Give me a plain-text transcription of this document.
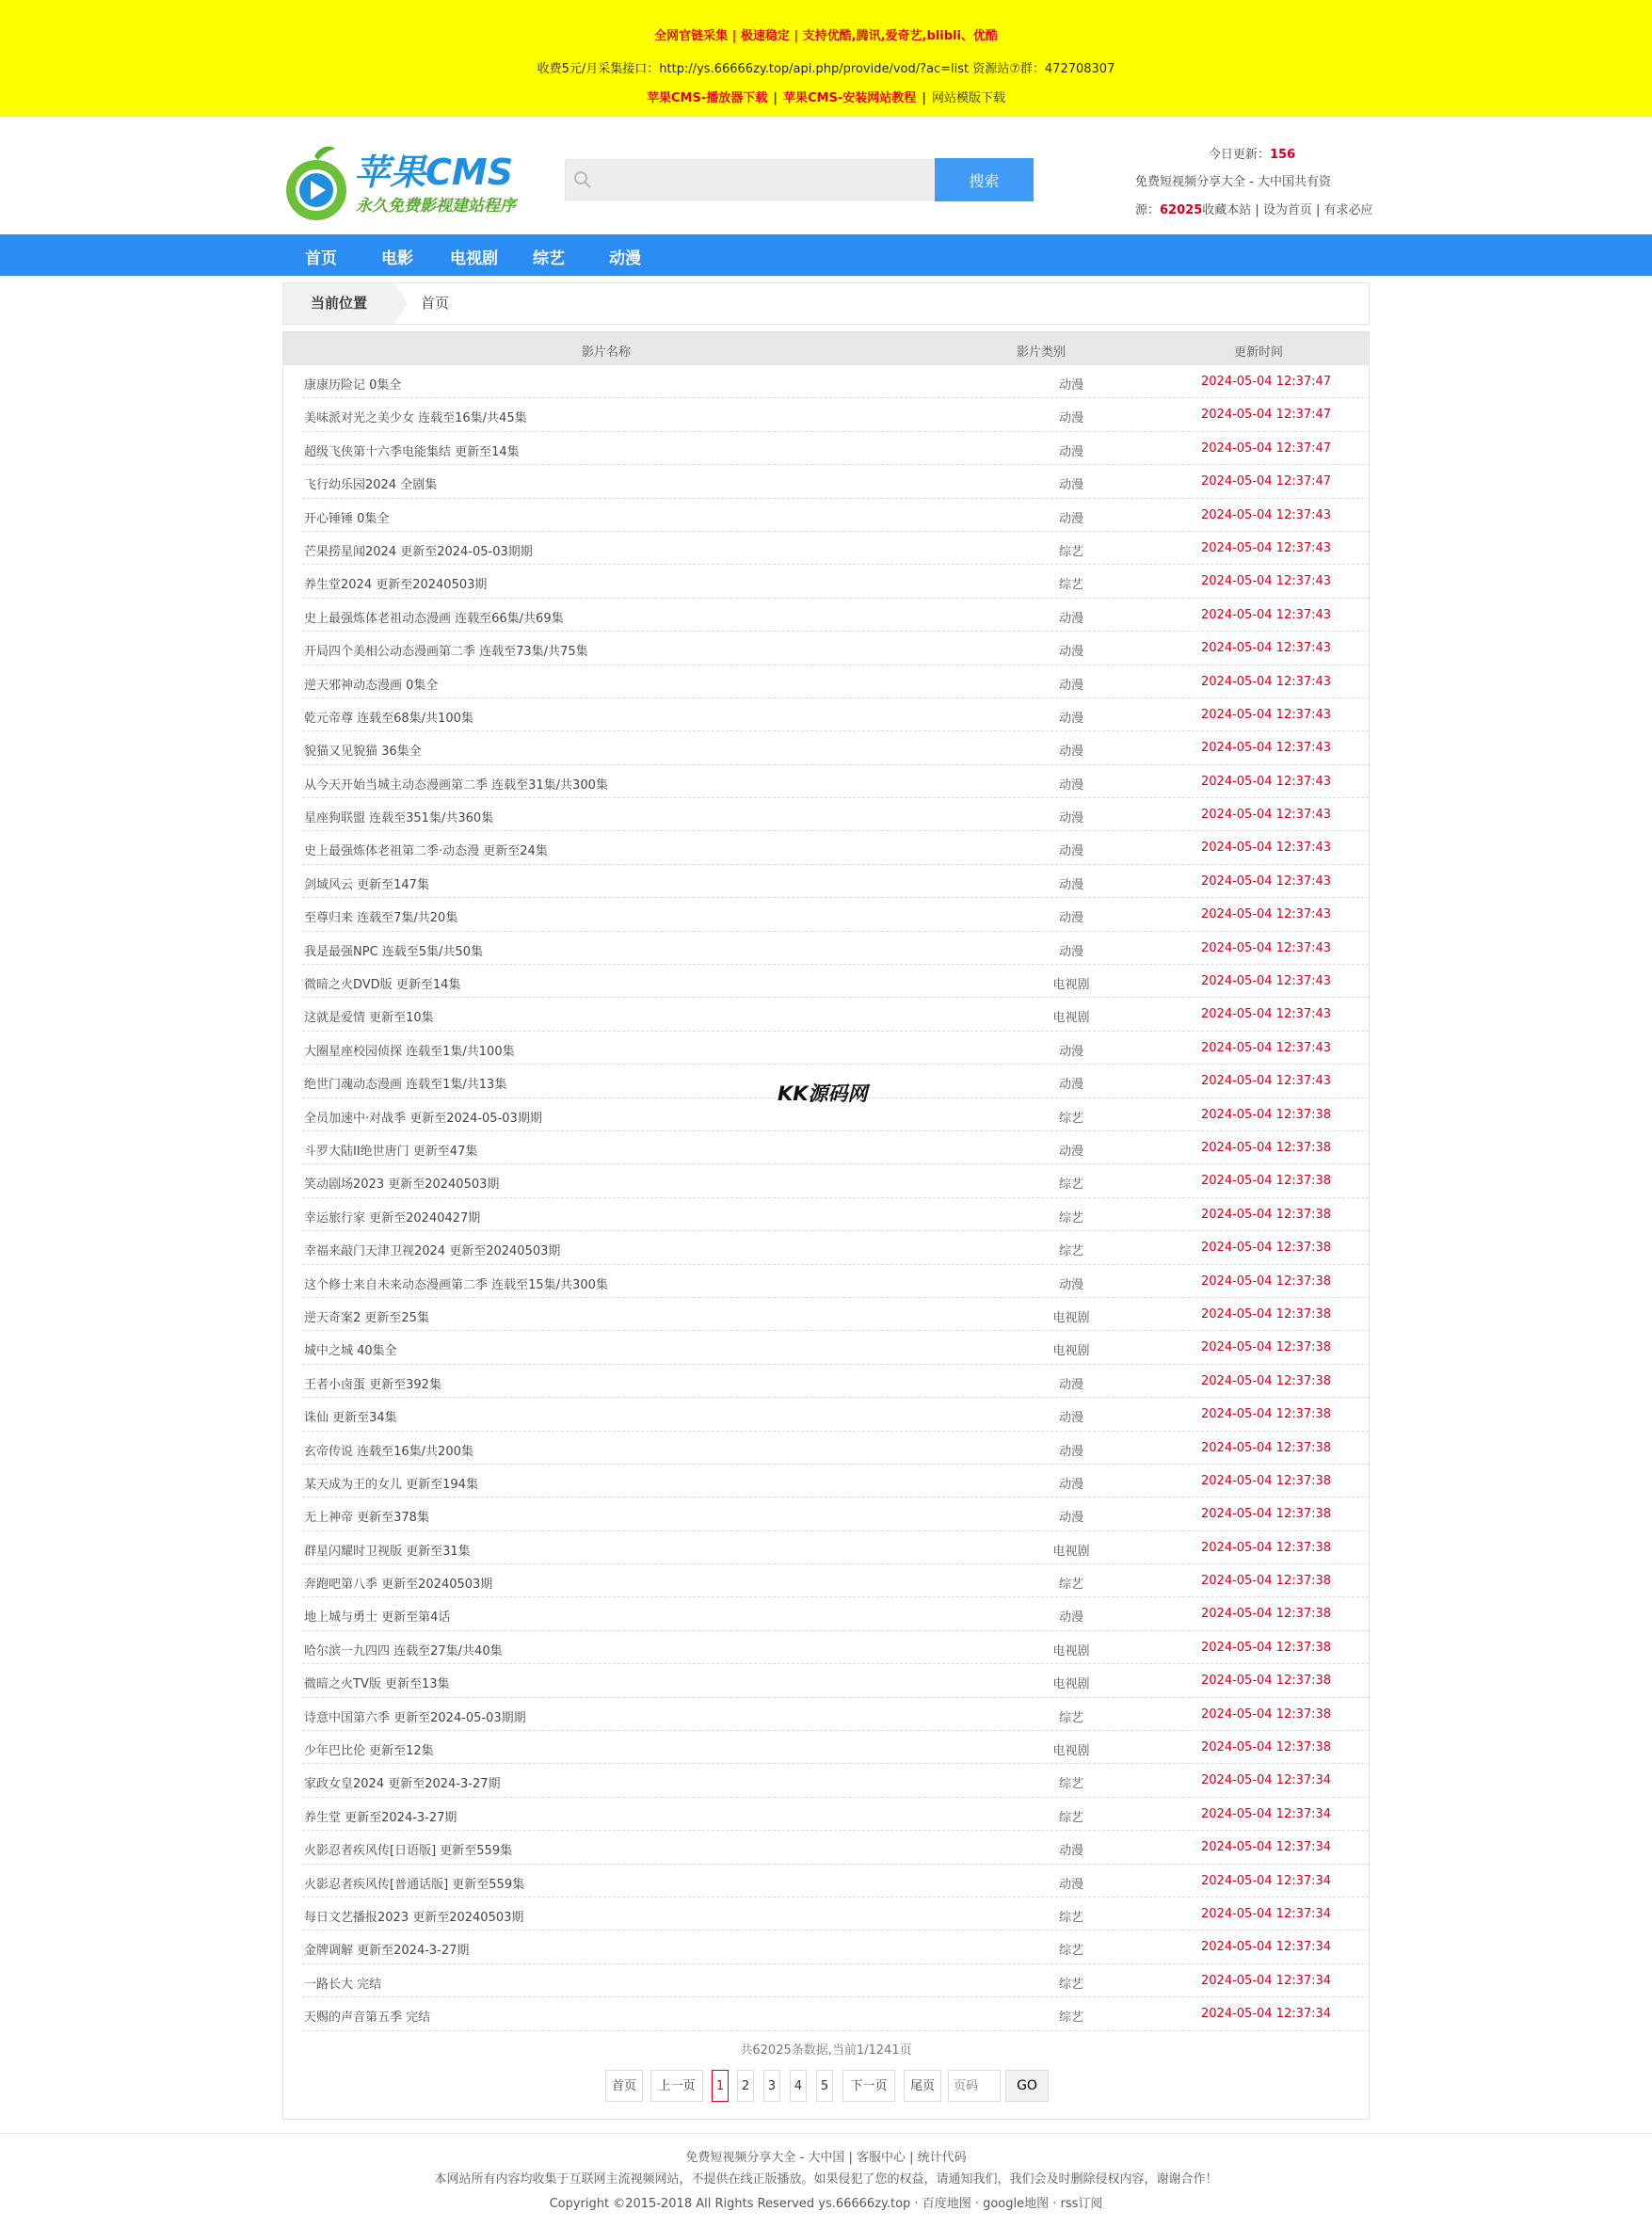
全网官链采集 | 极速稳定 | 支持优酷,腾讯,爱奇艺,blibli、优酷
收费5元/月采集接口：http://ys.66666zy.top/api.php/provide/vod/?ac=list 资源站⑦群：472708307
苹果CMS-播放器下载 | 苹果CMS-安装网站教程 | 网站模版下载
苹果CMS
永久免费影视建站程序
搜索
今日更新：156
免费短视频分享大全 - 大中国共有资
源：62025收藏本站 | 设为首页 | 有求必应
首页	电影 电视剧 综艺	动漫
当前位置	首页
影片名称	影片类别	更新时间
康康历险记 0集全	动漫	2024-05-04 12:37:47
美味派对光之美少女 连载至16集/共45集	动漫	2024-05-04 12:37:47
超级飞侠第十六季电能集结 更新至14集	动漫	2024-05-04 12:37:47
飞行幼乐园2024 全剧集	动漫	2024-05-04 12:37:47
开心锤锤 0集全	动漫	2024-05-04 12:37:43
芒果捞星闻2024 更新至2024-05-03期期	综艺	2024-05-04 12:37:43
养生堂2024 更新至20240503期	综艺	2024-05-04 12:37:43
史上最强炼体老祖动态漫画 连载至66集/共69集	动漫	2024-05-04 12:37:43
开局四个美相公动态漫画第二季 连载至73集/共75集	动漫	2024-05-04 12:37:43
逆天邪神动态漫画 0集全	动漫	2024-05-04 12:37:43
乾元帝尊 连载至68集/共100集	动漫	2024-05-04 12:37:43
貌猫又见貌猫 36集全	动漫	2024-05-04 12:37:43
从今天开始当城主动态漫画第二季 连载至31集/共300集	动漫	2024-05-04 12:37:43
星座狗联盟 连载至351集/共360集	动漫	2024-05-04 12:37:43
史上最强炼体老祖第二季·动态漫 更新至24集	动漫	2024-05-04 12:37:43
剑域风云 更新至147集	动漫	2024-05-04 12:37:43
至尊归来 连载至7集/共20集	动漫	2024-05-04 12:37:43
我是最强NPC 连载至5集/共50集	动漫	2024-05-04 12:37:43
微暗之火DVD版 更新至14集	电视剧	2024-05-04 12:37:43
这就是爱情 更新至10集	电视剧	2024-05-04 12:37:43
大圈星座校园侦探 连载至1集/共100集	动漫	2024-05-04 12:37:43
绝世门魂动态漫画 连载至1集/共13集	动漫	2024-05-04 12:37:43
全员加速中·对战季 更新至2024-05-03期期	综艺	2024-05-04 12:37:38
斗罗大陆II绝世唐门 更新至47集	动漫	2024-05-04 12:37:38
笑动剧场2023 更新至20240503期	综艺	2024-05-04 12:37:38
幸运旅行家 更新至20240427期	综艺	2024-05-04 12:37:38
幸福来敲门天津卫视2024 更新至20240503期	综艺	2024-05-04 12:37:38
这个修士来自未来动态漫画第二季 连载至15集/共300集	动漫	2024-05-04 12:37:38
逆天奇案2 更新至25集	电视剧	2024-05-04 12:37:38
城中之城 40集全	电视剧	2024-05-04 12:37:38
王者小卤蛋 更新至392集	动漫	2024-05-04 12:37:38
诛仙 更新至34集	动漫	2024-05-04 12:37:38
玄帝传说 连载至16集/共200集	动漫	2024-05-04 12:37:38
某天成为王的女儿 更新至194集	动漫	2024-05-04 12:37:38
无上神帝 更新至378集	动漫	2024-05-04 12:37:38
群星闪耀时卫视版 更新至31集	电视剧	2024-05-04 12:37:38
奔跑吧第八季 更新至20240503期	综艺	2024-05-04 12:37:38
地上城与勇士 更新至第4话	动漫	2024-05-04 12:37:38
哈尔滨一九四四 连载至27集/共40集	电视剧	2024-05-04 12:37:38
微暗之火TV版 更新至13集	电视剧	2024-05-04 12:37:38
诗意中国第六季 更新至2024-05-03期期	综艺	2024-05-04 12:37:38
少年巴比伦 更新至12集	电视剧	2024-05-04 12:37:38
家政女皇2024 更新至2024-3-27期	综艺	2024-05-04 12:37:34
养生堂 更新至2024-3-27期	综艺	2024-05-04 12:37:34
火影忍者疾风传[日语版] 更新至559集	动漫	2024-05-04 12:37:34
火影忍者疾风传[普通话版] 更新至559集	动漫	2024-05-04 12:37:34
每日文艺播报2023 更新至20240503期	综艺	2024-05-04 12:37:34
金牌调解 更新至2024-3-27期	综艺	2024-05-04 12:37:34
一路长大 完结	综艺	2024-05-04 12:37:34
天赐的声音第五季 完结	综艺	2024-05-04 12:37:34
共62025条数据,当前1/1241页
首页	上一页	1	2	3	4	5	下一页	尾页
页码	GO
KK源码网
免费短视频分享大全 - 大中国 | 客服中心 | 统计代码
本网站所有内容均收集于互联网主流视频网站，不提供在线正版播放。如果侵犯了您的权益，请通知我们，我们会及时删除侵权内容，谢谢合作！
Copyright ©2015-2018 All Rights Reserved ys.66666zy.top · 百度地图 · google地图 · rss订阅
